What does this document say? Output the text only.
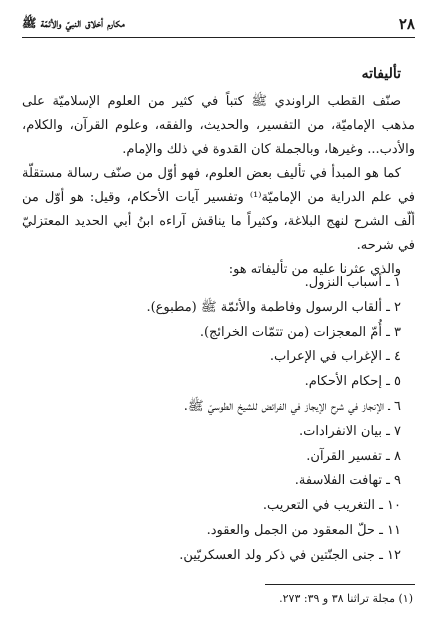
٢٨
مكارم أخلاق النبيّ والأئمّة ﷺ
تأليفاته

صنّف القطب الراوندي ﷺ كتباً في كثير من العلوم الإسلاميّة على مذهب الإماميّة، من التفسير، والحديث، والفقه، وعلوم القرآن، والكلام، والأدب... وغيرها، وبالجملة كان القدوة في ذلك والإمام.

كما هو المبدأ في تأليف بعض العلوم، فهو أوّل من صنّف رسالة مستقلّة في علم الدراية من الإماميّة⁽¹⁾ وتفسير آيات الأحكام، وقيل: هو أوّل من ألّف الشرح لنهج البلاغة، وكثيراً ما يناقش آراءه ابنُ أبي الحديد المعتزليّ في شرحه.

والذي عثرنا عليه من تأليفاته هو:

١ ـ أسباب النزول.
٢ ـ ألقاب الرسول وفاطمة والأئمّة ﷺ (مطبوع).
٣ ـ أُمّ المعجزات (من تتمّات الخرائج).
٤ ـ الإغراب في الإعراب.
٥ ـ إحكام الأحكام.
٦ ـ الإنجاز في شرح الإيجاز في الفرائض للشيخ الطوسيّ ﷺ.
٧ ـ بيان الانفرادات.
٨ ـ تفسير القرآن.
٩ ـ تهافت الفلاسفة.
١٠ ـ التغريب في التعريب.
١١ ـ حلّ المعقود من الجمل والعقود.
١٢ ـ جنى الجنّتين في ذكر ولد العسكريّين.
(١) مجلة تراثنا ٣٨ و ٣٩: ٢٧٣.
